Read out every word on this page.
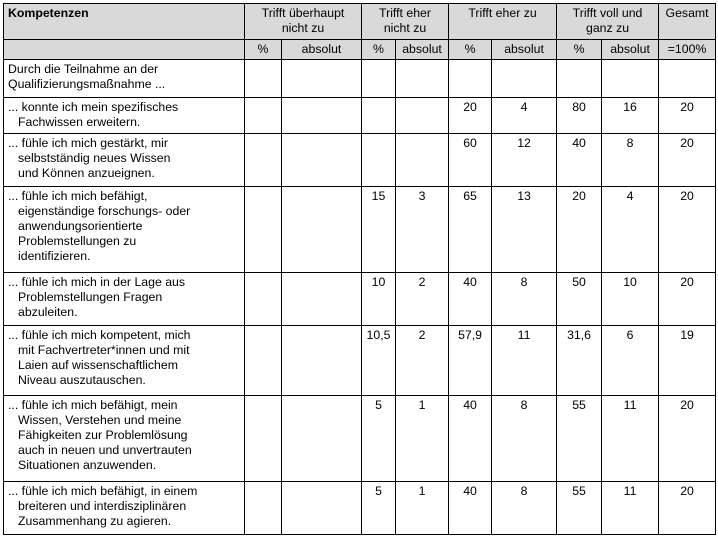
Kompetenzen	Trifft überhaupt nicht zu		Trifft eher nicht zu		Trifft eher zu		Trifft voll und ganz zu		Gesamt
	%	absolut	%	absolut	%	absolut	%	absolut	=100%
Durch die Teilnahme an der
Qualifizierungsmaßnahme ...									
... konnte ich mein spezifisches
Fachwissen erweitern.					20	4	80	16	20
... fühle ich mich gestärkt, mir
selbstständig neues Wissen
und Können anzueignen.					60	12	40	8	20
... fühle ich mich befähigt,
eigenständige forschungs- oder
anwendungsorientierte
Problemstellungen zu
identifizieren.			15	3	65	13	20	4	20
... fühle ich mich in der Lage aus
Problemstellungen Fragen
abzuleiten.			10	2	40	8	50	10	20
... fühle ich mich kompetent, mich
mit Fachvertreter*innen und mit
Laien auf wissenschaftlichem
Niveau auszutauschen.			10,5	2	57,9	11	31,6	6	19
... fühle ich mich befähigt, mein
Wissen, Verstehen und meine
Fähigkeiten zur Problemlösung
auch in neuen und unvertrauten
Situationen anzuwenden.			5	1	40	8	55	11	20
... fühle ich mich befähigt, in einem
breiteren und interdisziplinären
Zusammenhang zu agieren.			5	1	40	8	55	11	20
